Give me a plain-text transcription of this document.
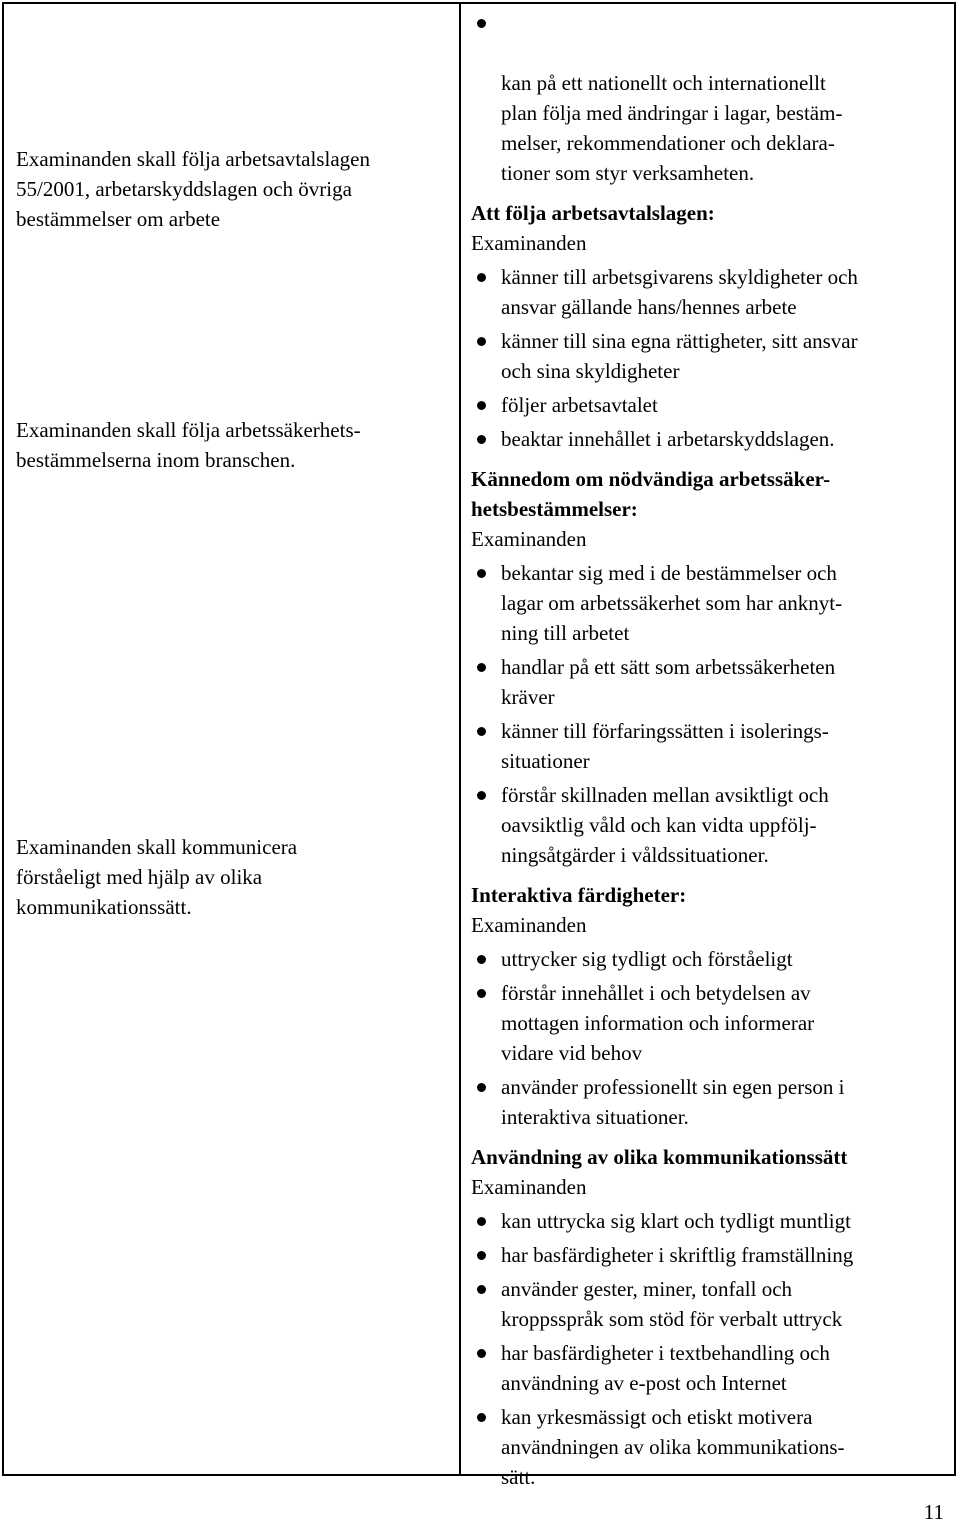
Examinanden skall följa arbetsavtalslagen
55/2001, arbetarskyddslagen och övriga
bestämmelser om arbete
Examinanden skall följa arbetssäkerhets-
bestämmelserna inom branschen.
Examinanden skall kommunicera
förståeligt med hjälp av olika
kommunikationssätt.

kan på ett nationellt och internationellt
plan följa med ändringar i lagar, bestäm-
melser, rekommendationer och deklara-
tioner som styr verksamheten.

Att följa arbetsavtalslagen:
Examinanden
känner till arbetsgivarens skyldigheter och
ansvar gällande hans/hennes arbete
känner till sina egna rättigheter, sitt ansvar
och sina skyldigheter
följer arbetsavtalet
beaktar innehållet i arbetarskyddslagen.
Kännedom om nödvändiga arbetssäker-
hetsbestämmelser:
Examinanden
bekantar sig med i de bestämmelser och
lagar om arbetssäkerhet som har anknyt-
ning till arbetet
handlar på ett sätt som arbetssäkerheten
kräver
känner till förfaringssätten i isolerings-
situationer
förstår skillnaden mellan avsiktligt och
oavsiktlig våld och kan vidta uppfölj-
ningsåtgärder i våldssituationer.
Interaktiva färdigheter:
Examinanden
uttrycker sig tydligt och förståeligt
förstår innehållet i och betydelsen av
mottagen information och informerar
vidare vid behov
använder professionellt sin egen person i
interaktiva situationer.
Användning av olika kommunikationssätt
Examinanden
kan uttrycka sig klart och tydligt muntligt
har basfärdigheter i skriftlig framställning
använder gester, miner, tonfall och
kroppsspråk som stöd för verbalt uttryck
har basfärdigheter i textbehandling och
användning av e-post och Internet
kan yrkesmässigt och etiskt motivera
användningen av olika kommunikations-
sätt.
11
